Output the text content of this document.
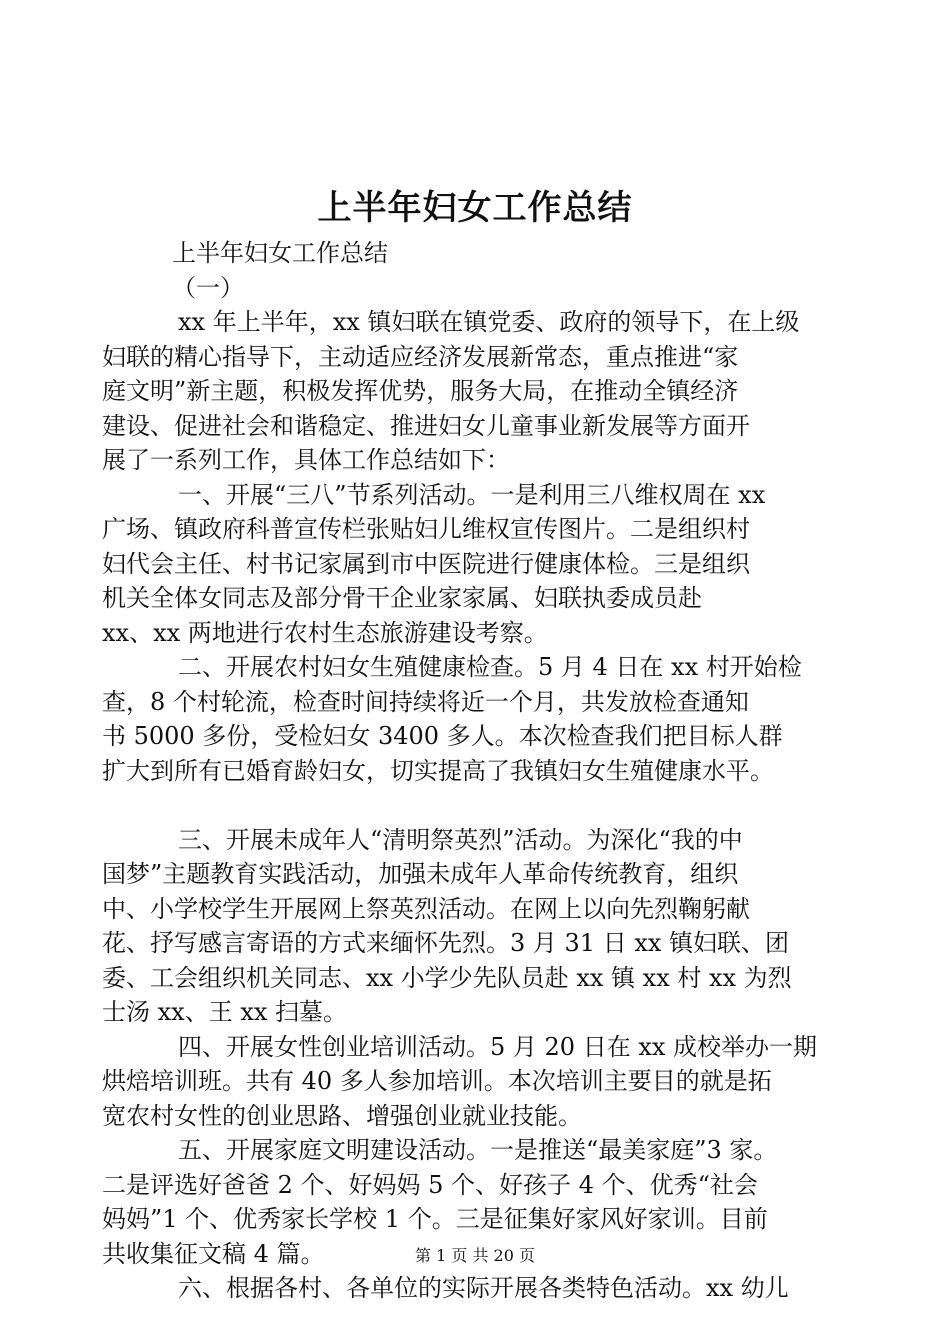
上半年妇女工作总结
上半年妇女工作总结
（一）
xx 年上半年，xx 镇妇联在镇党委、政府的领导下，在上级
妇联的精心指导下，主动适应经济发展新常态，重点推进“家
庭文明”新主题，积极发挥优势，服务大局，在推动全镇经济
建设、促进社会和谐稳定、推进妇女儿童事业新发展等方面开
展了一系列工作，具体工作总结如下：
一、开展“三八”节系列活动。一是利用三八维权周在 xx
广场、镇政府科普宣传栏张贴妇儿维权宣传图片。二是组织村
妇代会主任、村书记家属到市中医院进行健康体检。三是组织
机关全体女同志及部分骨干企业家家属、妇联执委成员赴
xx、xx 两地进行农村生态旅游建设考察。
二、开展农村妇女生殖健康检查。5 月 4 日在 xx 村开始检
查，8 个村轮流，检查时间持续将近一个月，共发放检查通知
书 5000 多份，受检妇女 3400 多人。本次检查我们把目标人群
扩大到所有已婚育龄妇女，切实提高了我镇妇女生殖健康水平。
三、开展未成年人“清明祭英烈”活动。为深化“我的中
国梦”主题教育实践活动，加强未成年人革命传统教育，组织
中、小学校学生开展网上祭英烈活动。在网上以向先烈鞠躬献
花、抒写感言寄语的方式来缅怀先烈。3 月 31 日 xx 镇妇联、团
委、工会组织机关同志、xx 小学少先队员赴 xx 镇 xx 村 xx 为烈
士汤 xx、王 xx 扫墓。
四、开展女性创业培训活动。5 月 20 日在 xx 成校举办一期
烘焙培训班。共有 40 多人参加培训。本次培训主要目的就是拓
宽农村女性的创业思路、增强创业就业技能。
五、开展家庭文明建设活动。一是推送“最美家庭”3 家。
二是评选好爸爸 2 个、好妈妈 5 个、好孩子 4 个、优秀“社会
妈妈”1 个、优秀家长学校 1 个。三是征集好家风好家训。目前
共收集征文稿 4 篇。
六、根据各村、各单位的实际开展各类特色活动。xx 幼儿
第 1 页 共 20 页
